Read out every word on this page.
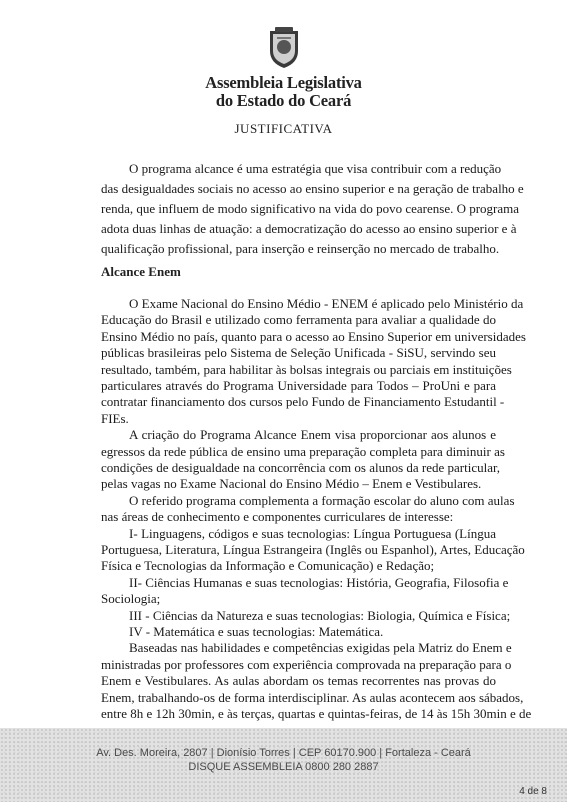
Assembleia Legislativa
do Estado do Ceará
JUSTIFICATIVA
O programa alcance é uma estratégia que visa contribuir com a redução
das desigualdades sociais no acesso ao ensino superior e na geração de trabalho e
renda, que influem de modo significativo na vida do povo cearense. O programa
adota duas linhas de atuação: a democratização do acesso ao ensino superior e à
qualificação profissional, para inserção e reinserção no mercado de trabalho.
Alcance Enem
O Exame Nacional do Ensino Médio - ENEM é aplicado pelo Ministério da
Educação do Brasil e utilizado como ferramenta para avaliar a qualidade do
Ensino Médio no país, quanto para o acesso ao Ensino Superior em universidades
públicas brasileiras pelo Sistema de Seleção Unificada - SiSU, servindo seu
resultado, também, para habilitar às bolsas integrais ou parciais em instituições
particulares através do Programa Universidade para Todos – ProUni e para
contratar financiamento dos cursos pelo Fundo de Financiamento Estudantil -
FIEs.
A criação do Programa Alcance Enem visa proporcionar aos alunos e
egressos da rede pública de ensino uma preparação completa para diminuir as
condições de desigualdade na concorrência com os alunos da rede particular,
pelas vagas no Exame Nacional do Ensino Médio – Enem e Vestibulares.
O referido programa complementa a formação escolar do aluno com aulas
nas áreas de conhecimento e componentes curriculares de interesse:
I- Linguagens, códigos e suas tecnologias: Língua Portuguesa (Língua
Portuguesa, Literatura, Língua Estrangeira (Inglês ou Espanhol), Artes, Educação
Física e Tecnologias da Informação e Comunicação) e Redação;
II- Ciências Humanas e suas tecnologias: História, Geografia, Filosofia e
Sociologia;
III - Ciências da Natureza e suas tecnologias: Biologia, Química e Física;
IV - Matemática e suas tecnologias: Matemática.
Baseadas nas habilidades e competências exigidas pela Matriz do Enem e
ministradas por professores com experiência comprovada na preparação para o
Enem e Vestibulares. As aulas abordam os temas recorrentes nas provas do
Enem, trabalhando-os de forma interdisciplinar. As aulas acontecem aos sábados,
entre 8h e 12h 30min, e às terças, quartas e quintas-feiras, de 14 às 15h 30min e de
Av. Des. Moreira, 2807 | Dionísio Torres | CEP 60170.900 | Fortaleza - Ceará
DISQUE ASSEMBLEIA 0800 280 2887
4 de 8
